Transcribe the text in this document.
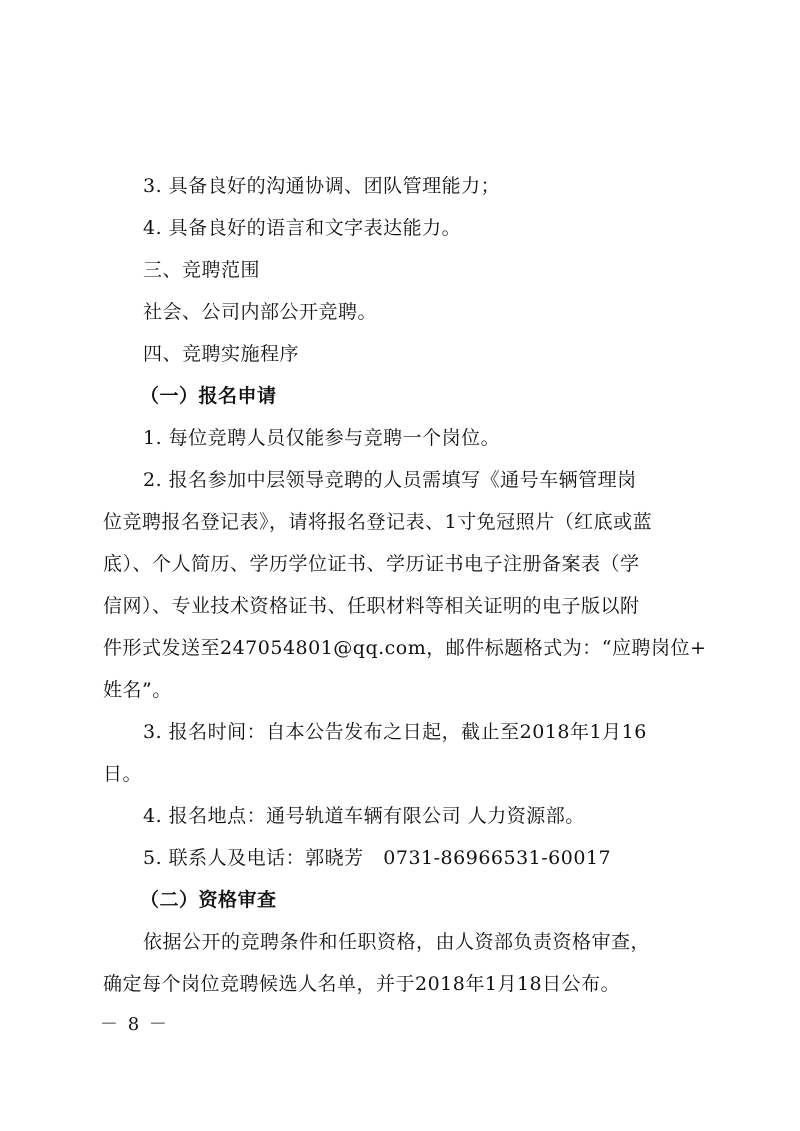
3. 具备良好的沟通协调、团队管理能力；
4. 具备良好的语言和文字表达能力。
三、竞聘范围
社会、公司内部公开竞聘。
四、竞聘实施程序
（一）报名申请
1. 每位竞聘人员仅能参与竞聘一个岗位。
2. 报名参加中层领导竞聘的人员需填写《通号车辆管理岗
位竞聘报名登记表》，请将报名登记表、1寸免冠照片（红底或蓝
底）、个人简历、学历学位证书、学历证书电子注册备案表（学
信网）、专业技术资格证书、任职材料等相关证明的电子版以附
件形式发送至247054801@qq.com，邮件标题格式为：“应聘岗位+
姓名”。
3. 报名时间：自本公告发布之日起，截止至2018年1月16
日。
4. 报名地点：通号轨道车辆有限公司 人力资源部。
5. 联系人及电话：郭晓芳   0731-86966531-60017
（二）资格审查
依据公开的竞聘条件和任职资格，由人资部负责资格审查，
确定每个岗位竞聘候选人名单，并于2018年1月18日公布。
－ 8 －
